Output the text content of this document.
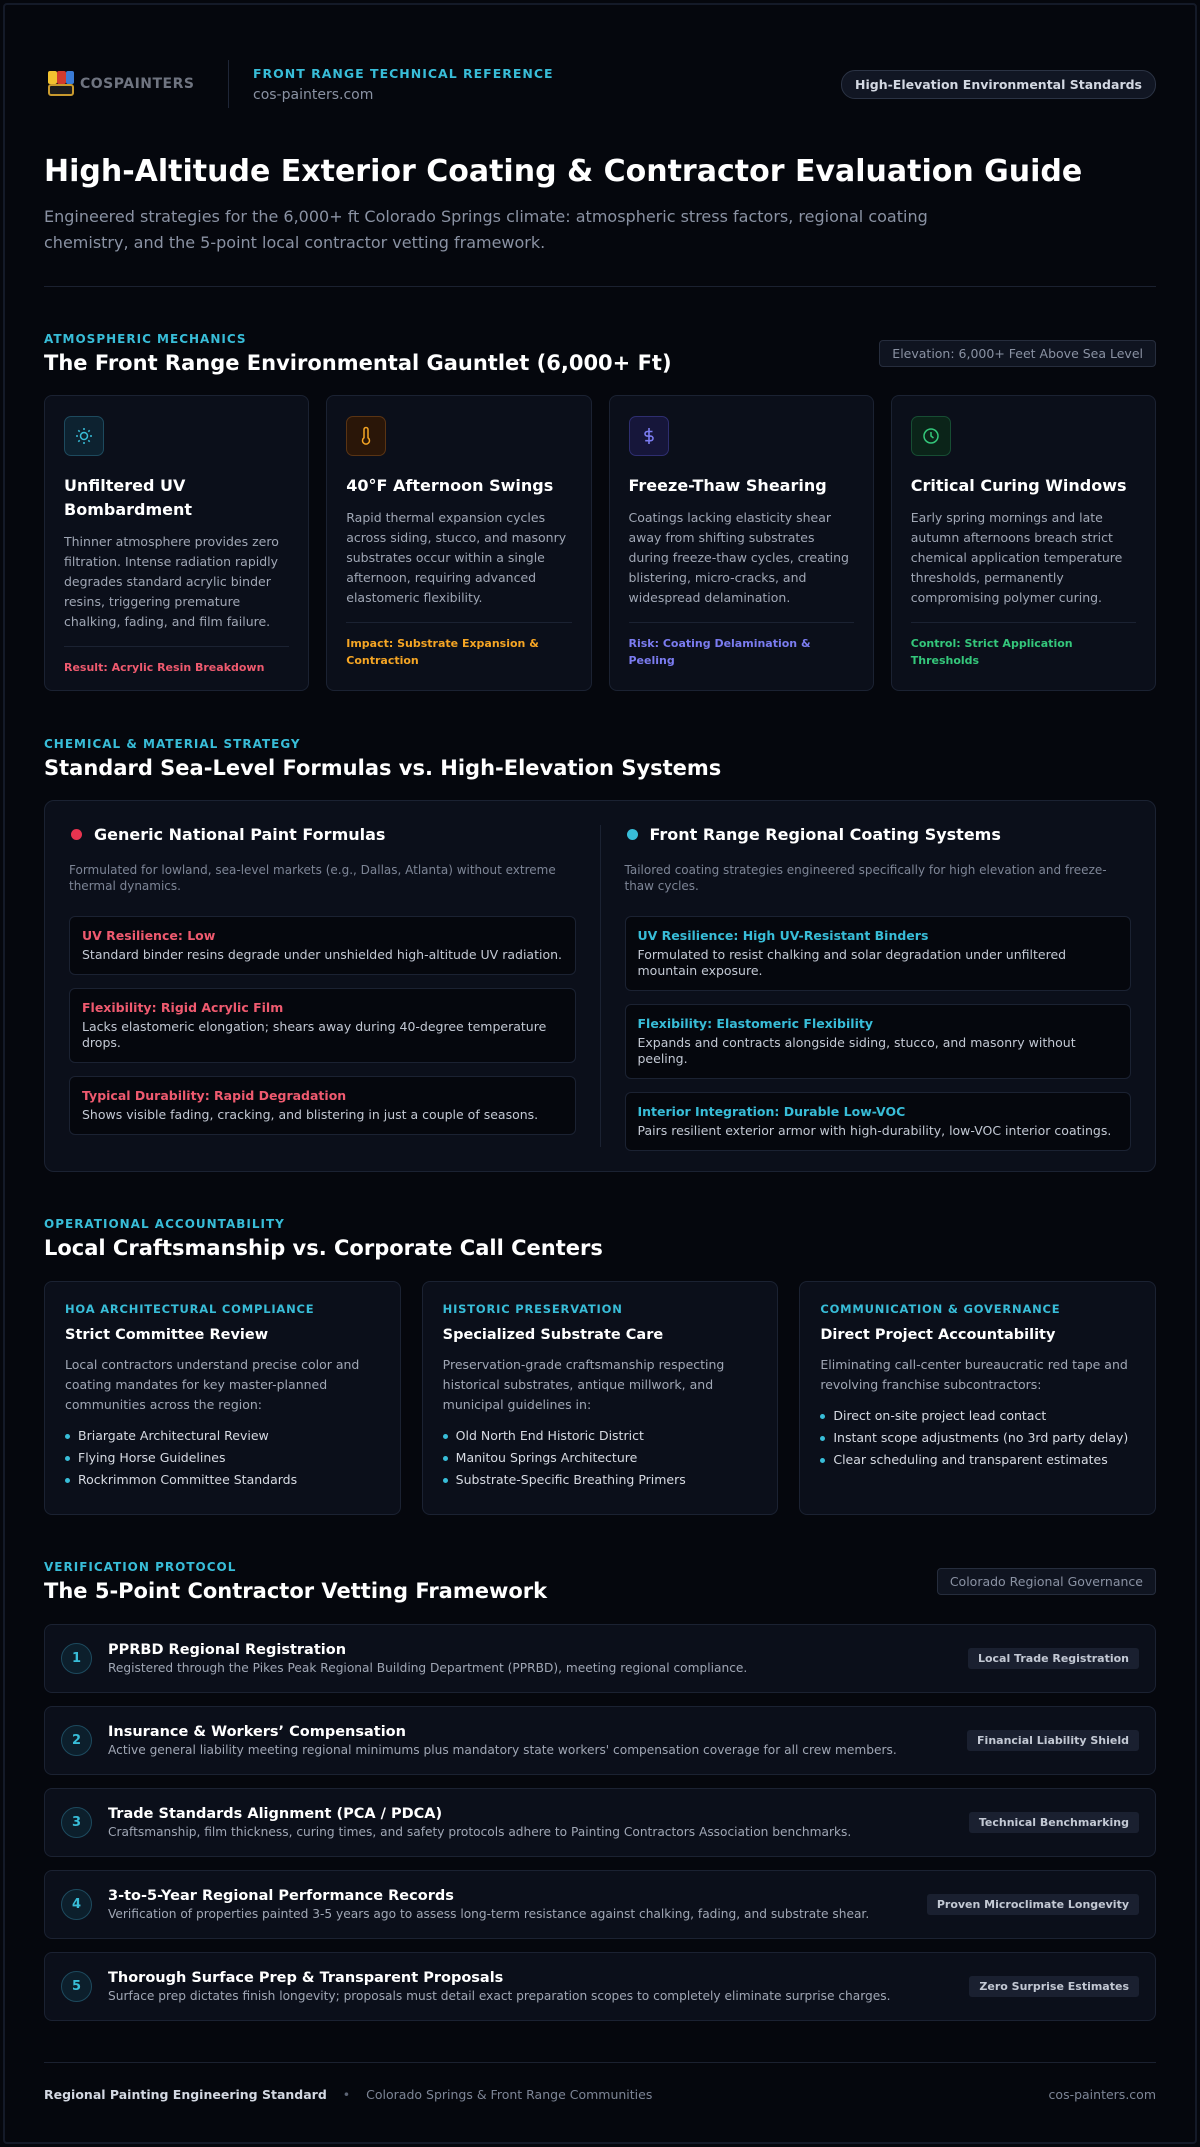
COSPAINTERS
FRONT RANGE TECHNICAL REFERENCE
cos-painters.com
High-Elevation Environmental Standards
High-Altitude Exterior Coating & Contractor Evaluation Guide

Engineered strategies for the 6,000+ ft Colorado Springs climate: atmospheric stress factors, regional coating chemistry, and the 5-point local contractor vetting framework.

ATMOSPHERIC MECHANICS
The Front Range Environmental Gauntlet (6,000+ Ft)	Elevation: 6,000+ Feet Above Sea Level
Unfiltered UV Bombardment

Thinner atmosphere provides zero filtration. Intense radiation rapidly degrades standard acrylic binder resins, triggering premature chalking, fading, and film failure.

Result: Acrylic Resin Breakdown
40°F Afternoon Swings

Rapid thermal expansion cycles across siding, stucco, and masonry substrates occur within a single afternoon, requiring advanced elastomeric flexibility.

Impact: Substrate Expansion & Contraction
Freeze-Thaw Shearing

Coatings lacking elasticity shear away from shifting substrates during freeze-thaw cycles, creating blistering, micro-cracks, and widespread delamination.

Risk: Coating Delamination & Peeling
Critical Curing Windows

Early spring mornings and late autumn afternoons breach strict chemical application temperature thresholds, permanently compromising polymer curing.

Control: Strict Application Thresholds
CHEMICAL & MATERIAL STRATEGY
Standard Sea-Level Formulas vs. High-Elevation Systems
Generic National Paint Formulas
Formulated for lowland, sea-level markets (e.g., Dallas, Atlanta) without extreme thermal dynamics.
UV Resilience: Low
Standard binder resins degrade under unshielded high-altitude UV radiation.
Flexibility: Rigid Acrylic Film
Lacks elastomeric elongation; shears away during 40-degree temperature drops.
Typical Durability: Rapid Degradation
Shows visible fading, cracking, and blistering in just a couple of seasons.
Front Range Regional Coating Systems
Tailored coating strategies engineered specifically for high elevation and freeze-thaw cycles.
UV Resilience: High UV-Resistant Binders
Formulated to resist chalking and solar degradation under unfiltered mountain exposure.
Flexibility: Elastomeric Flexibility
Expands and contracts alongside siding, stucco, and masonry without peeling.
Interior Integration: Durable Low-VOC
Pairs resilient exterior armor with high-durability, low-VOC interior coatings.
OPERATIONAL ACCOUNTABILITY
Local Craftsmanship vs. Corporate Call Centers
HOA ARCHITECTURAL COMPLIANCE
Strict Committee Review

Local contractors understand precise color and coating mandates for key master-planned communities across the region:

Briargate Architectural Review
Flying Horse Guidelines
Rockrimmon Committee Standards
HISTORIC PRESERVATION
Specialized Substrate Care

Preservation-grade craftsmanship respecting historical substrates, antique millwork, and municipal guidelines in:

Old North End Historic District
Manitou Springs Architecture
Substrate-Specific Breathing Primers
COMMUNICATION & GOVERNANCE
Direct Project Accountability

Eliminating call-center bureaucratic red tape and revolving franchise subcontractors:

Direct on-site project lead contact
Instant scope adjustments (no 3rd party delay)
Clear scheduling and transparent estimates
VERIFICATION PROTOCOL
The 5-Point Contractor Vetting Framework	Colorado Regional Governance
1
PPRBD Regional Registration
Registered through the Pikes Peak Regional Building Department (PPRBD), meeting regional compliance.
Local Trade Registration
2
Insurance & Workers’ Compensation
Active general liability meeting regional minimums plus mandatory state workers' compensation coverage for all crew members.
Financial Liability Shield
3
Trade Standards Alignment (PCA / PDCA)
Craftsmanship, film thickness, curing times, and safety protocols adhere to Painting Contractors Association benchmarks.
Technical Benchmarking
4
3-to-5-Year Regional Performance Records
Verification of properties painted 3-5 years ago to assess long-term resistance against chalking, fading, and substrate shear.
Proven Microclimate Longevity
5
Thorough Surface Prep & Transparent Proposals
Surface prep dictates finish longevity; proposals must detail exact preparation scopes to completely eliminate surprise charges.
Zero Surprise Estimates
Regional Painting Engineering Standard • Colorado Springs & Front Range Communities	cos-painters.com
